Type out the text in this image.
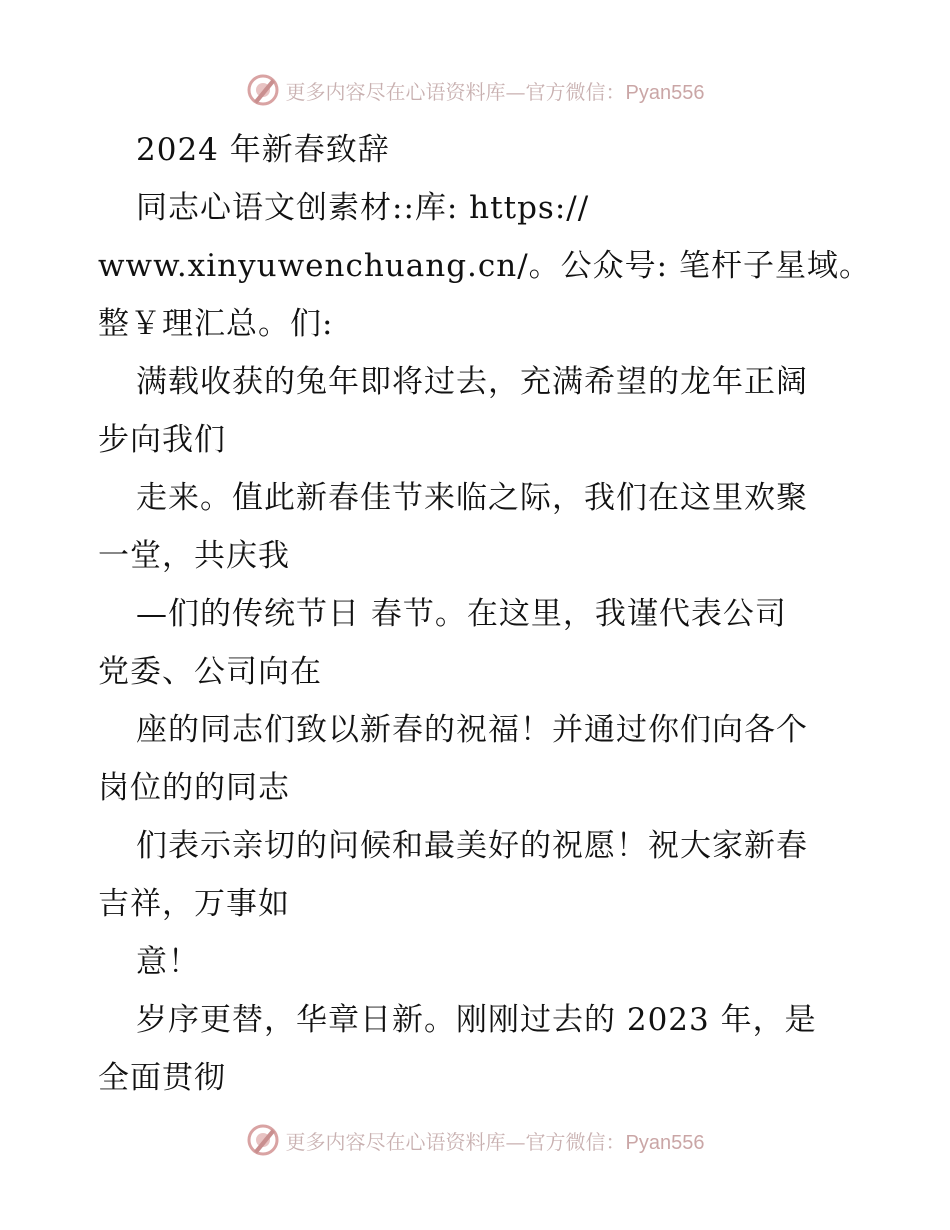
更多内容尽在心语资料库—官方微信：Pyan556
2024 年新春致辞
同志心语文创素材::库: https://
www.xinyuwenchuang.cn/。公众号: 笔杆子星域。
整￥理汇总。们:
满载收获的兔年即将过去，充满希望的龙年正阔
步向我们
走来。值此新春佳节来临之际，我们在这里欢聚
一堂，共庆我
—们的传统节日 春节。在这里，我谨代表公司
党委、公司向在
座的同志们致以新春的祝福！并通过你们向各个
岗位的的同志
们表示亲切的问候和最美好的祝愿！祝大家新春
吉祥，万事如
意！
岁序更替，华章日新。刚刚过去的 2023 年，是
全面贯彻
更多内容尽在心语资料库—官方微信：Pyan556
